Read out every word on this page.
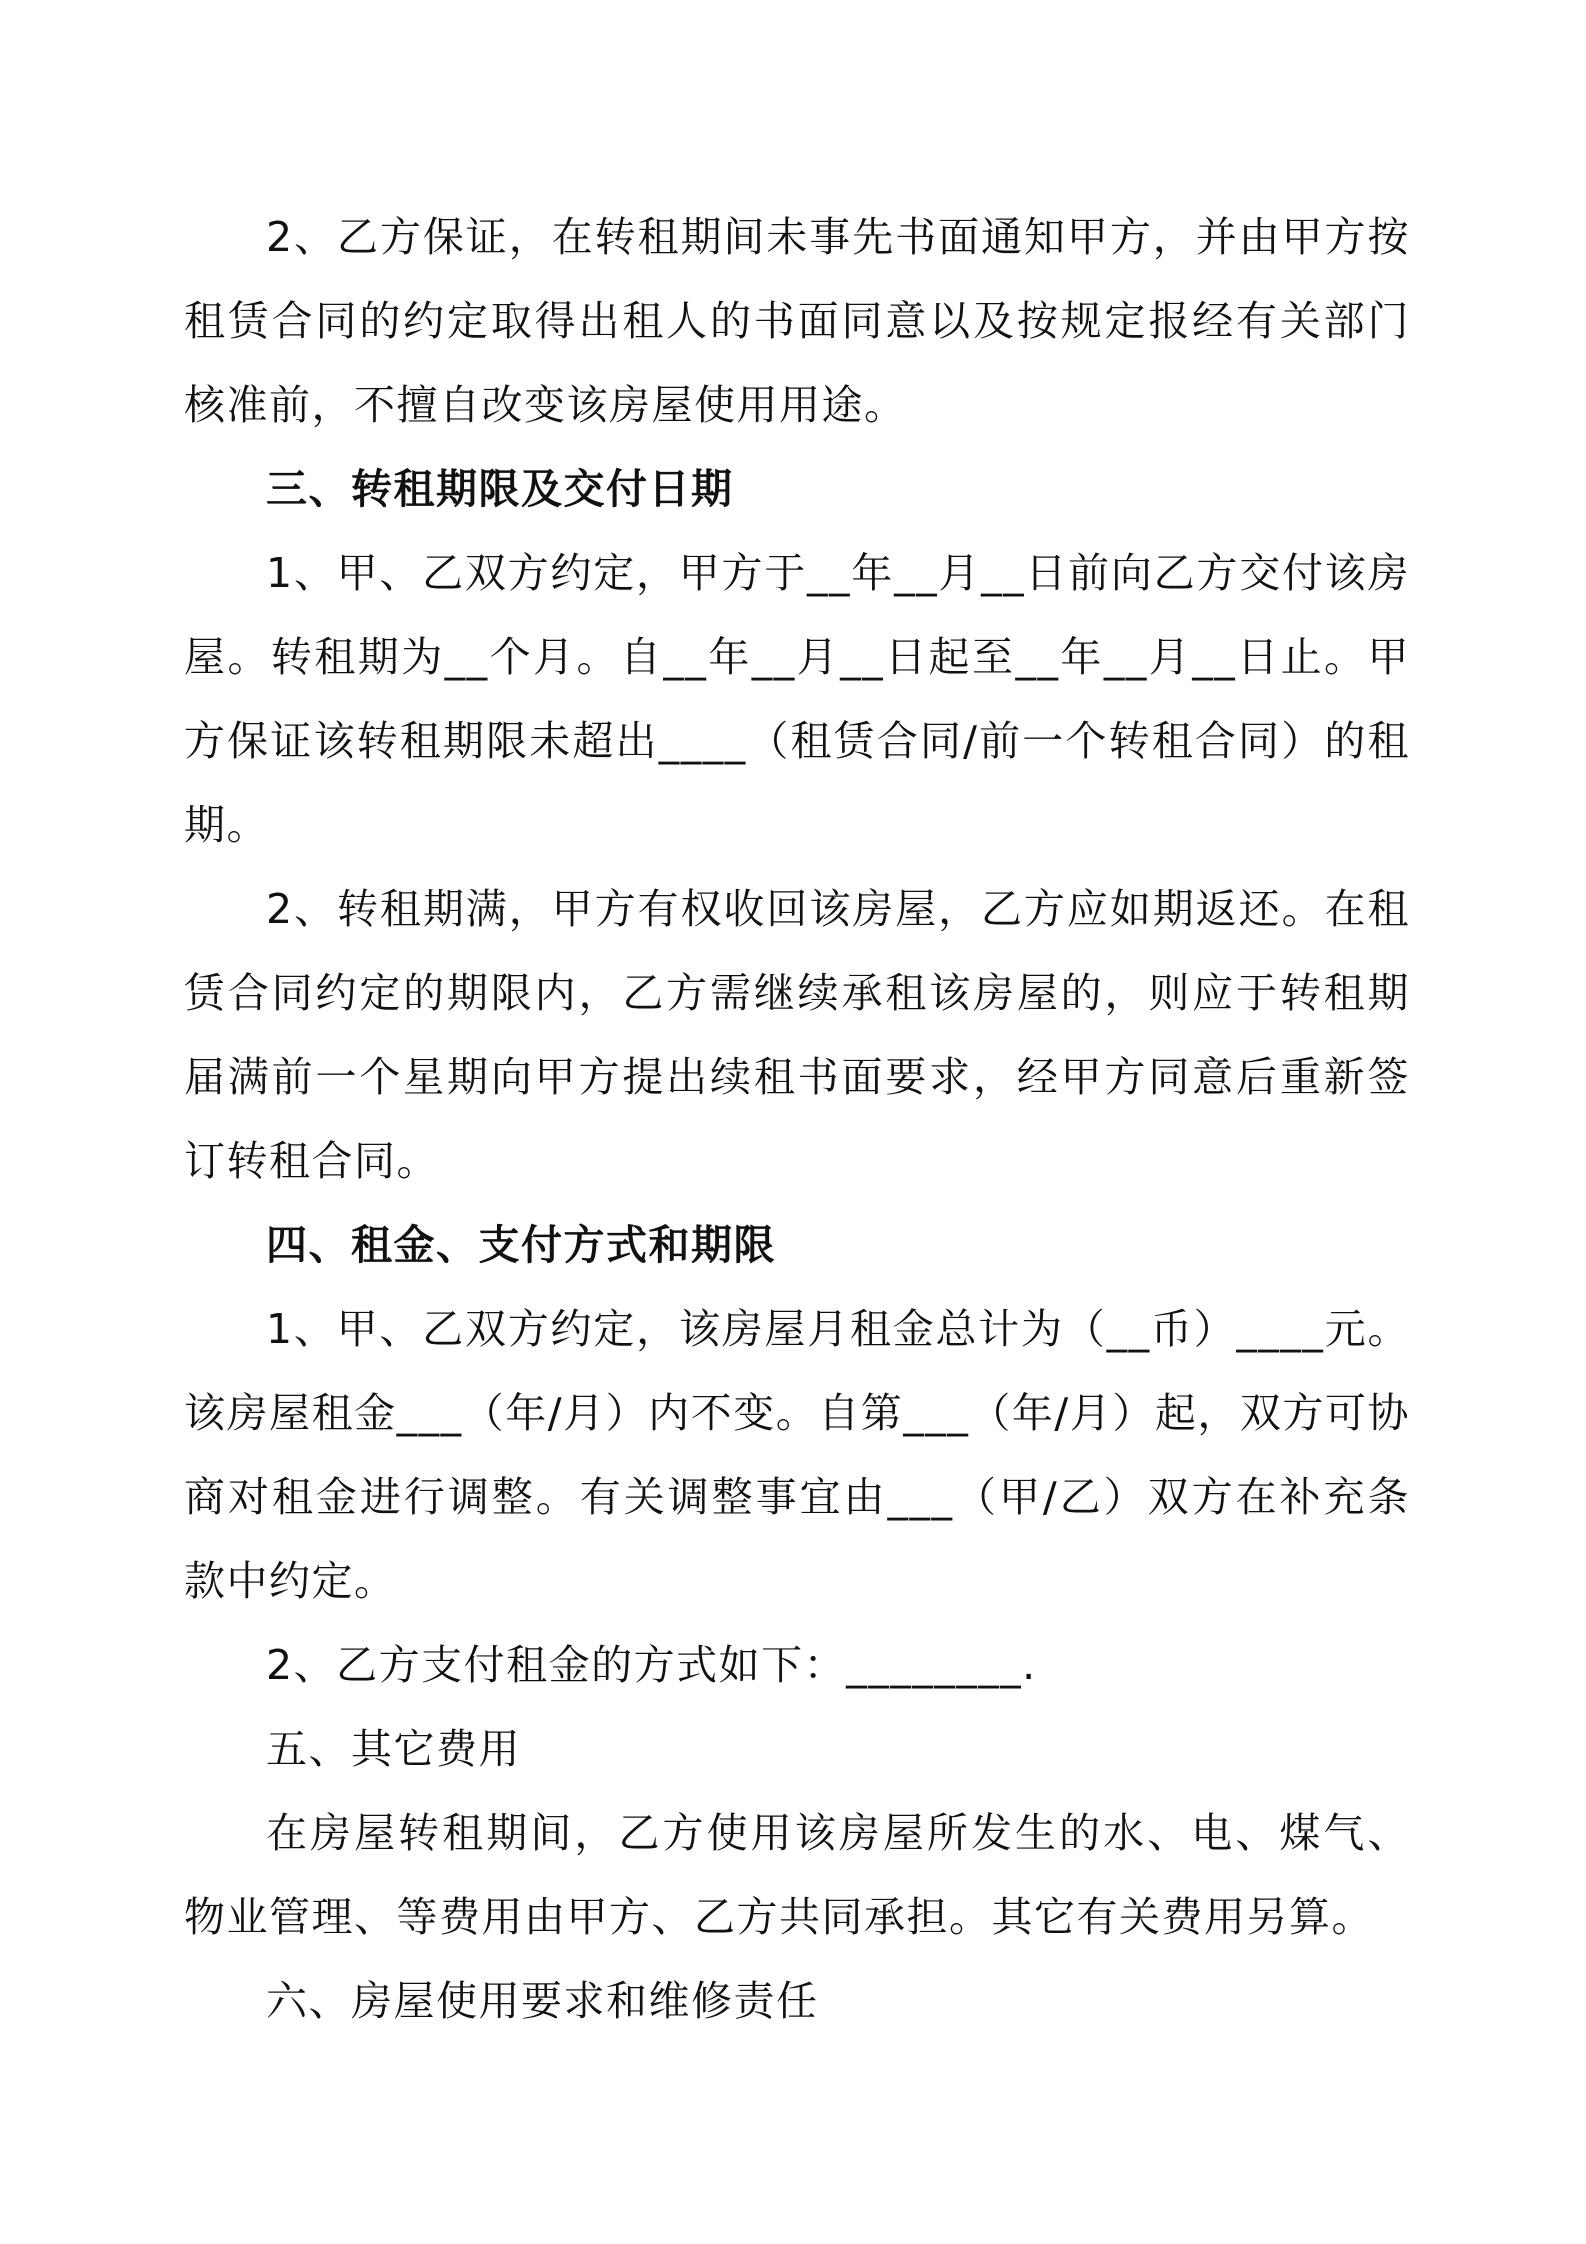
2、乙方保证，在转租期间未事先书面通知甲方，并由甲方按租赁合同的约定取得出租人的书面同意以及按规定报经有关部门核准前，不擅自改变该房屋使用用途。

三、转租期限及交付日期

1、甲、乙双方约定，甲方于__年__月__日前向乙方交付该房屋。转租期为__个月。自__年__月__日起至__年__月__日止。甲方保证该转租期限未超出____（租赁合同/前一个转租合同）的租期。

2、转租期满，甲方有权收回该房屋，乙方应如期返还。在租赁合同约定的期限内，乙方需继续承租该房屋的，则应于转租期届满前一个星期向甲方提出续租书面要求，经甲方同意后重新签订转租合同。

四、租金、支付方式和期限

1、甲、乙双方约定，该房屋月租金总计为（__币）____元。该房屋租金___（年/月）内不变。自第___（年/月）起，双方可协商对租金进行调整。有关调整事宜由___（甲/乙）双方在补充条款中约定。

2、乙方支付租金的方式如下：________.

五、其它费用

在房屋转租期间，乙方使用该房屋所发生的水、电、煤气、物业管理、等费用由甲方、乙方共同承担。其它有关费用另算。

六、房屋使用要求和维修责任
